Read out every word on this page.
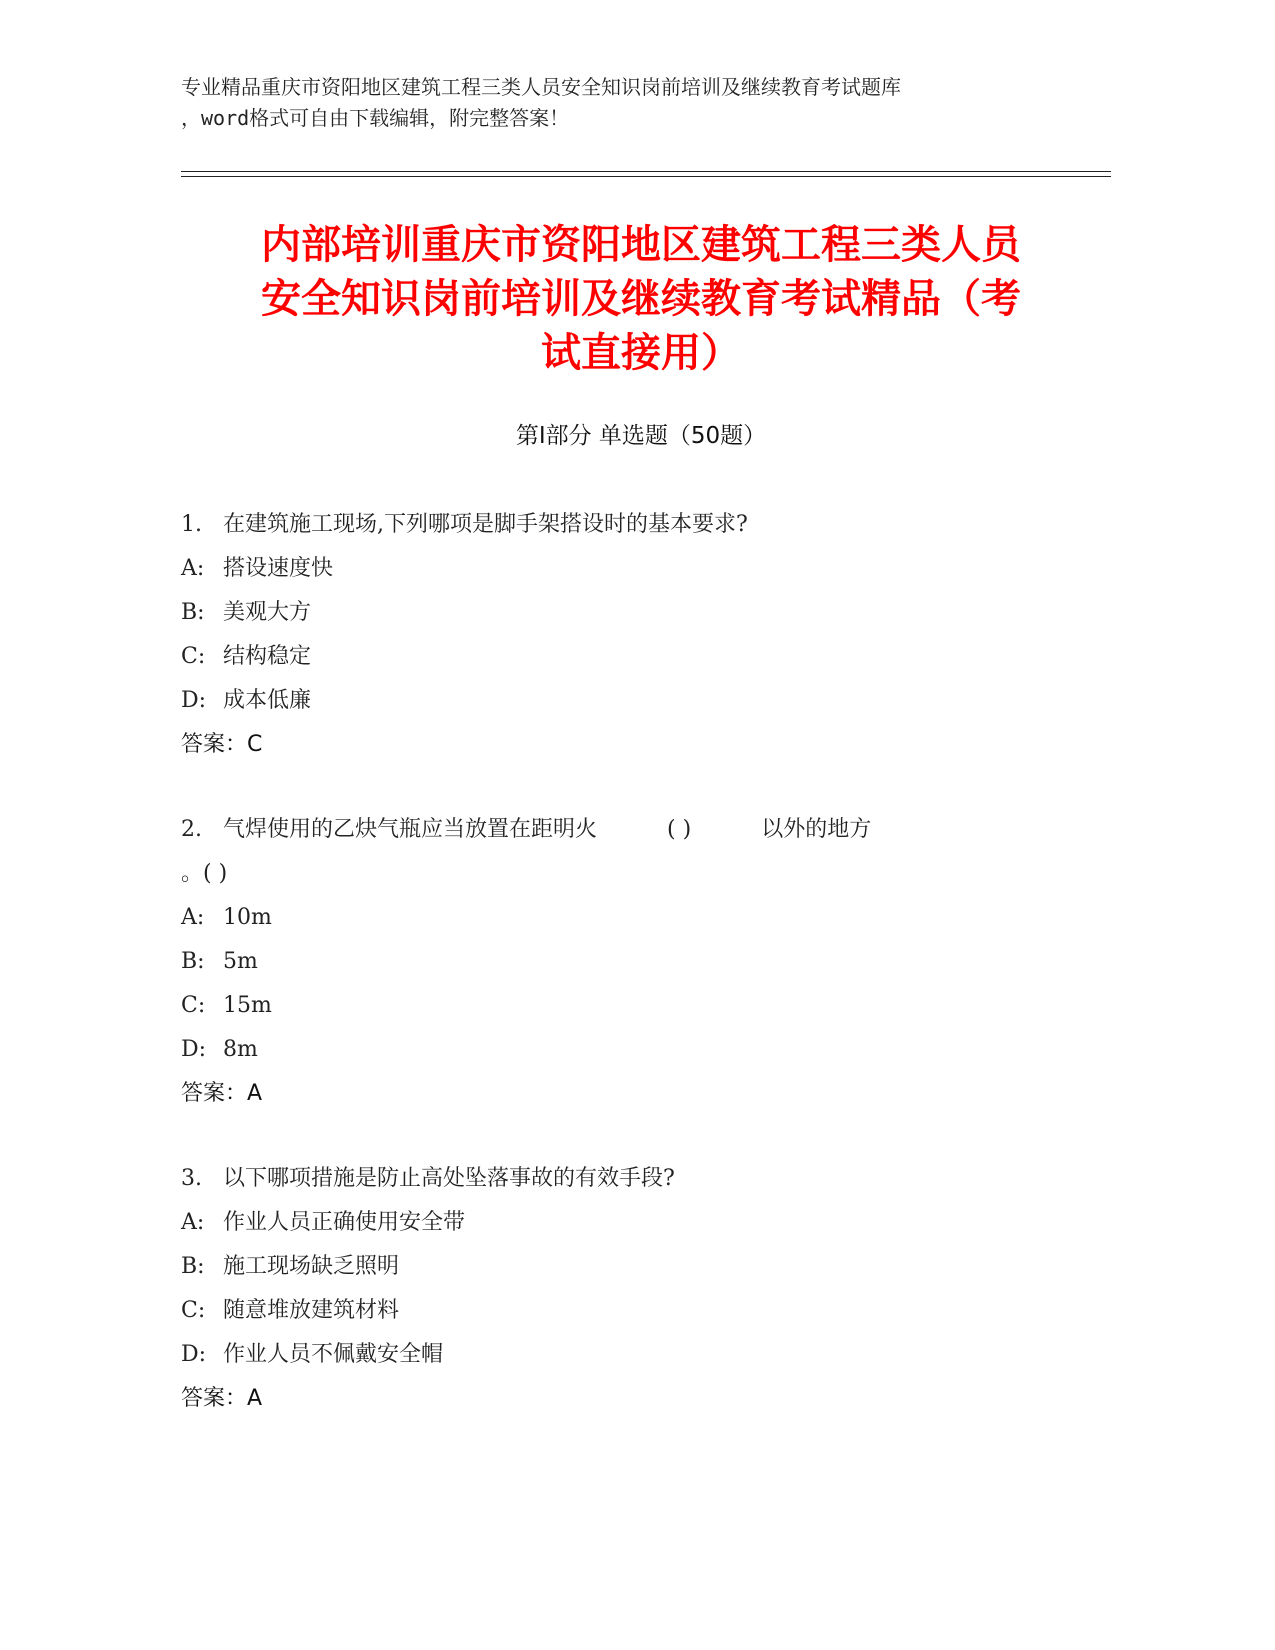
专业精品重庆市资阳地区建筑工程三类人员安全知识岗前培训及继续教育考试题库
，word格式可自由下载编辑，附完整答案！
内部培训重庆市资阳地区建筑工程三类人员
安全知识岗前培训及继续教育考试精品（考
试直接用）
第Ⅰ部分 单选题（50题）
1. 在建筑施工现场,下列哪项是脚手架搭设时的基本要求?
A: 搭设速度快
B: 美观大方
C: 结构稳定
D: 成本低廉
答案：C
2. 气焊使用的乙炔气瓶应当放置在距明火	( )	以外的地方
。( )
A: 10m
B: 5m
C: 15m
D: 8m
答案：A
3. 以下哪项措施是防止高处坠落事故的有效手段?
A: 作业人员正确使用安全带
B: 施工现场缺乏照明
C: 随意堆放建筑材料
D: 作业人员不佩戴安全帽
答案：A
